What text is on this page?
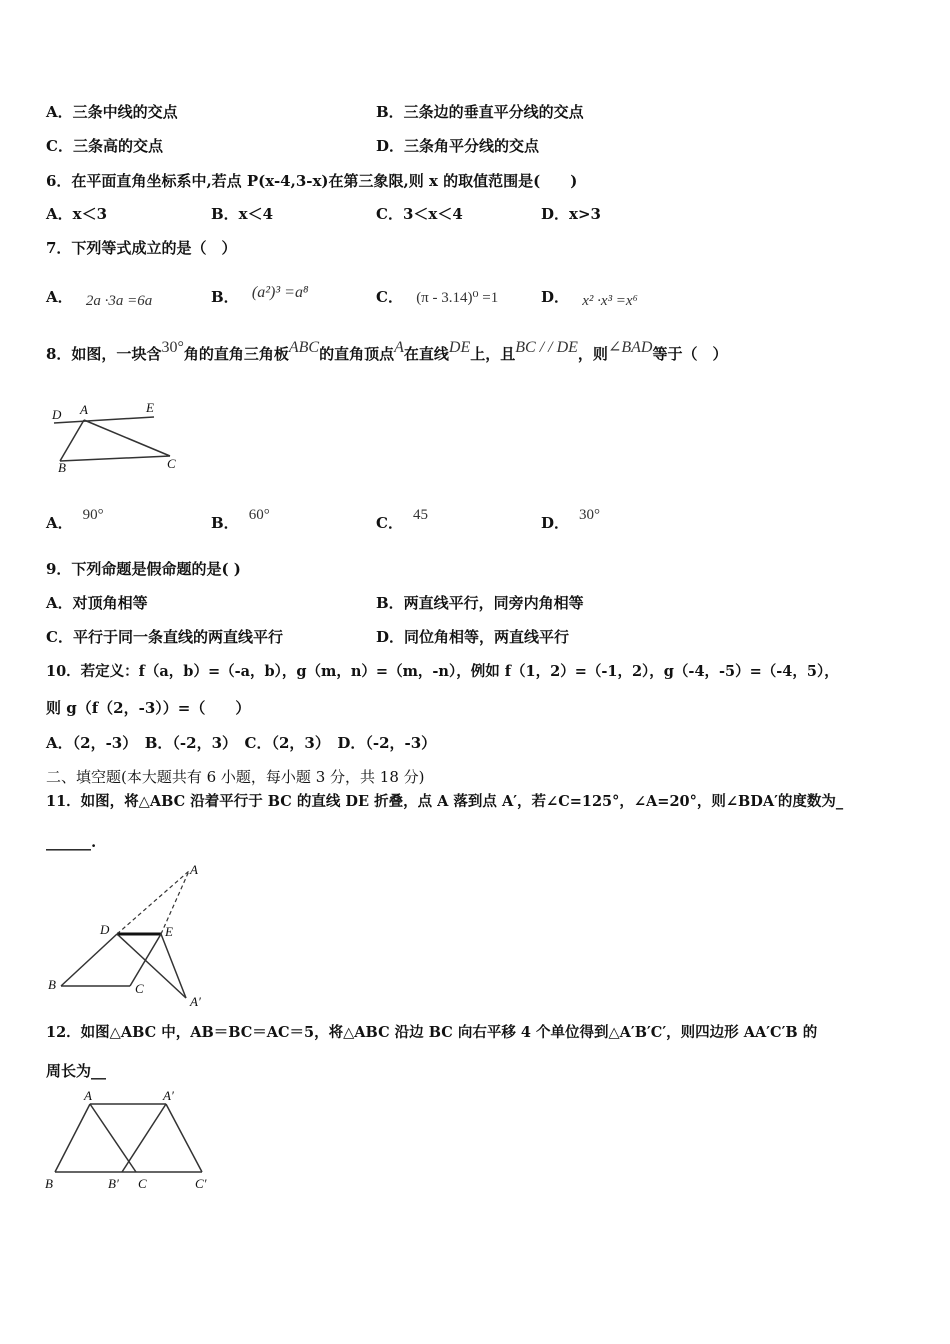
A．三条中线的交点	B．三条边的垂直平分线的交点
C．三条高的交点	D．三条角平分线的交点
6．在平面直角坐标系中,若点 P(x-4,3-x)在第三象限,则 x 的取值范围是(　　)
A．x＜3	B．x＜4	C．3＜x＜4	D．x>3
7．下列等式成立的是（　）
A． 2a ·3a =6a	B． (a²)³ =a⁸	C． (π - 3.14)⁰ =1	D． x² ·x³ =x⁶
8．如图，一块含30°角的直角三角板ABC的直角顶点A在直线DE上，且BC / / DE，则∠BAD等于（　）
D A	E
B	C
A． 90°	B． 60°	C． 45	D． 30°
9．下列命题是假命题的是( )
A．对顶角相等	B．两直线平行，同旁内角相等
C．平行于同一条直线的两直线平行	D．同位角相等，两直线平行
10．若定义：f（a，b）=（-a，b），g（m，n）=（m，-n），例如 f（1，2）=（-1，2），g（-4，-5）=（-4，5），
则 g（f（2，-3））=（　　）
A．（2，-3）　B．（-2，3）　C．（2，3）　D．（-2，-3）
二、填空题(本大题共有 6 小题，每小题 3 分，共 18 分)
11．如图，将△ABC 沿着平行于 BC 的直线 DE 折叠，点 A 落到点 A′，若∠C=125°，∠A=20°，则∠BDA′的度数为_
______.
A
D	E
B	C
A′
12．如图△ABC 中，AB＝BC＝AC＝5，将△ABC 沿边 BC 向右平移 4 个单位得到△A′B′C′，则四边形 AA′C′B 的
周长为__
A	A′
B	B′ C	C′
